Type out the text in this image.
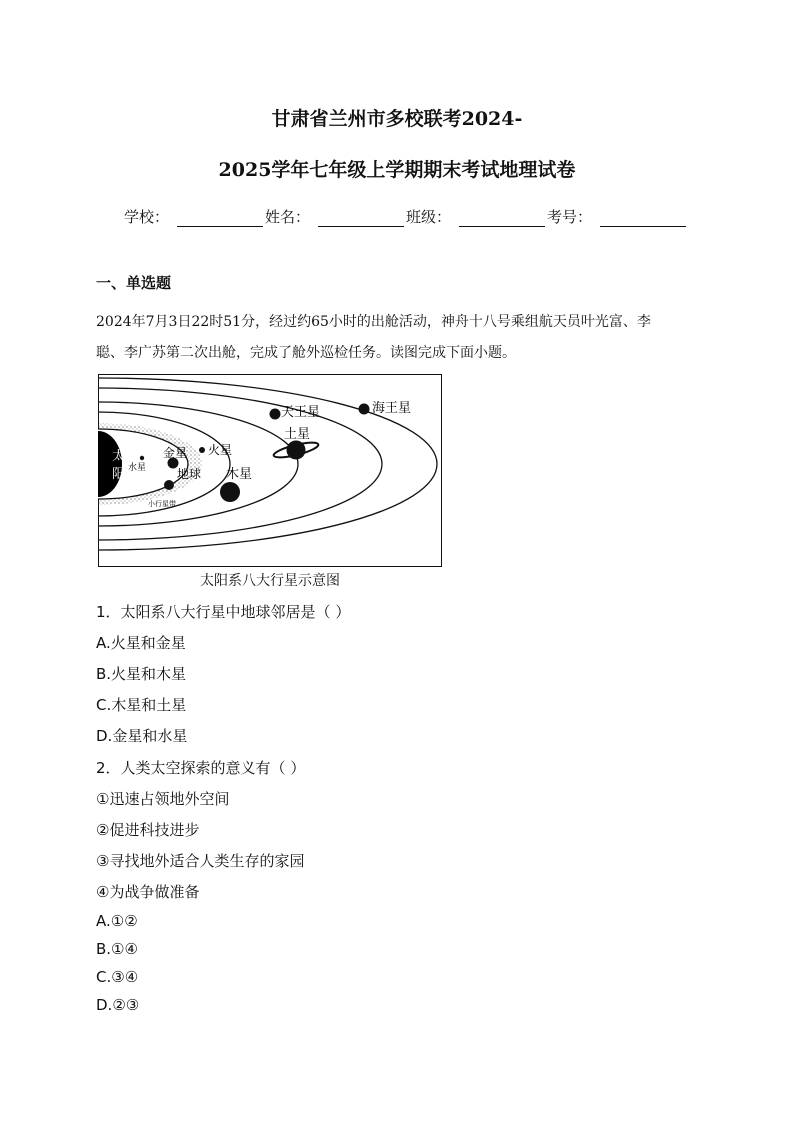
甘肃省兰州市多校联考2024-
2025学年七年级上学期期末考试地理试卷
学校：	姓名：	班级：	考号：
一、单选题
2024年7月3日22时51分，经过约65小时的出舱活动，神舟十八号乘组航天员叶光富、李
聪、李广苏第二次出舱，完成了舱外巡检任务。读图完成下面小题。
太
阳 水星
金星 火星
地球 木星
土星
天王星	海王星
小行星带
太阳系八大行星示意图
1．太阳系八大行星中地球邻居是（ ）
A.火星和金星
B.火星和木星
C.木星和土星
D.金星和水星
2．人类太空探索的意义有（ ）
①迅速占领地外空间
②促进科技进步
③寻找地外适合人类生存的家园
④为战争做准备
A.①②
B.①④
C.③④
D.②③
